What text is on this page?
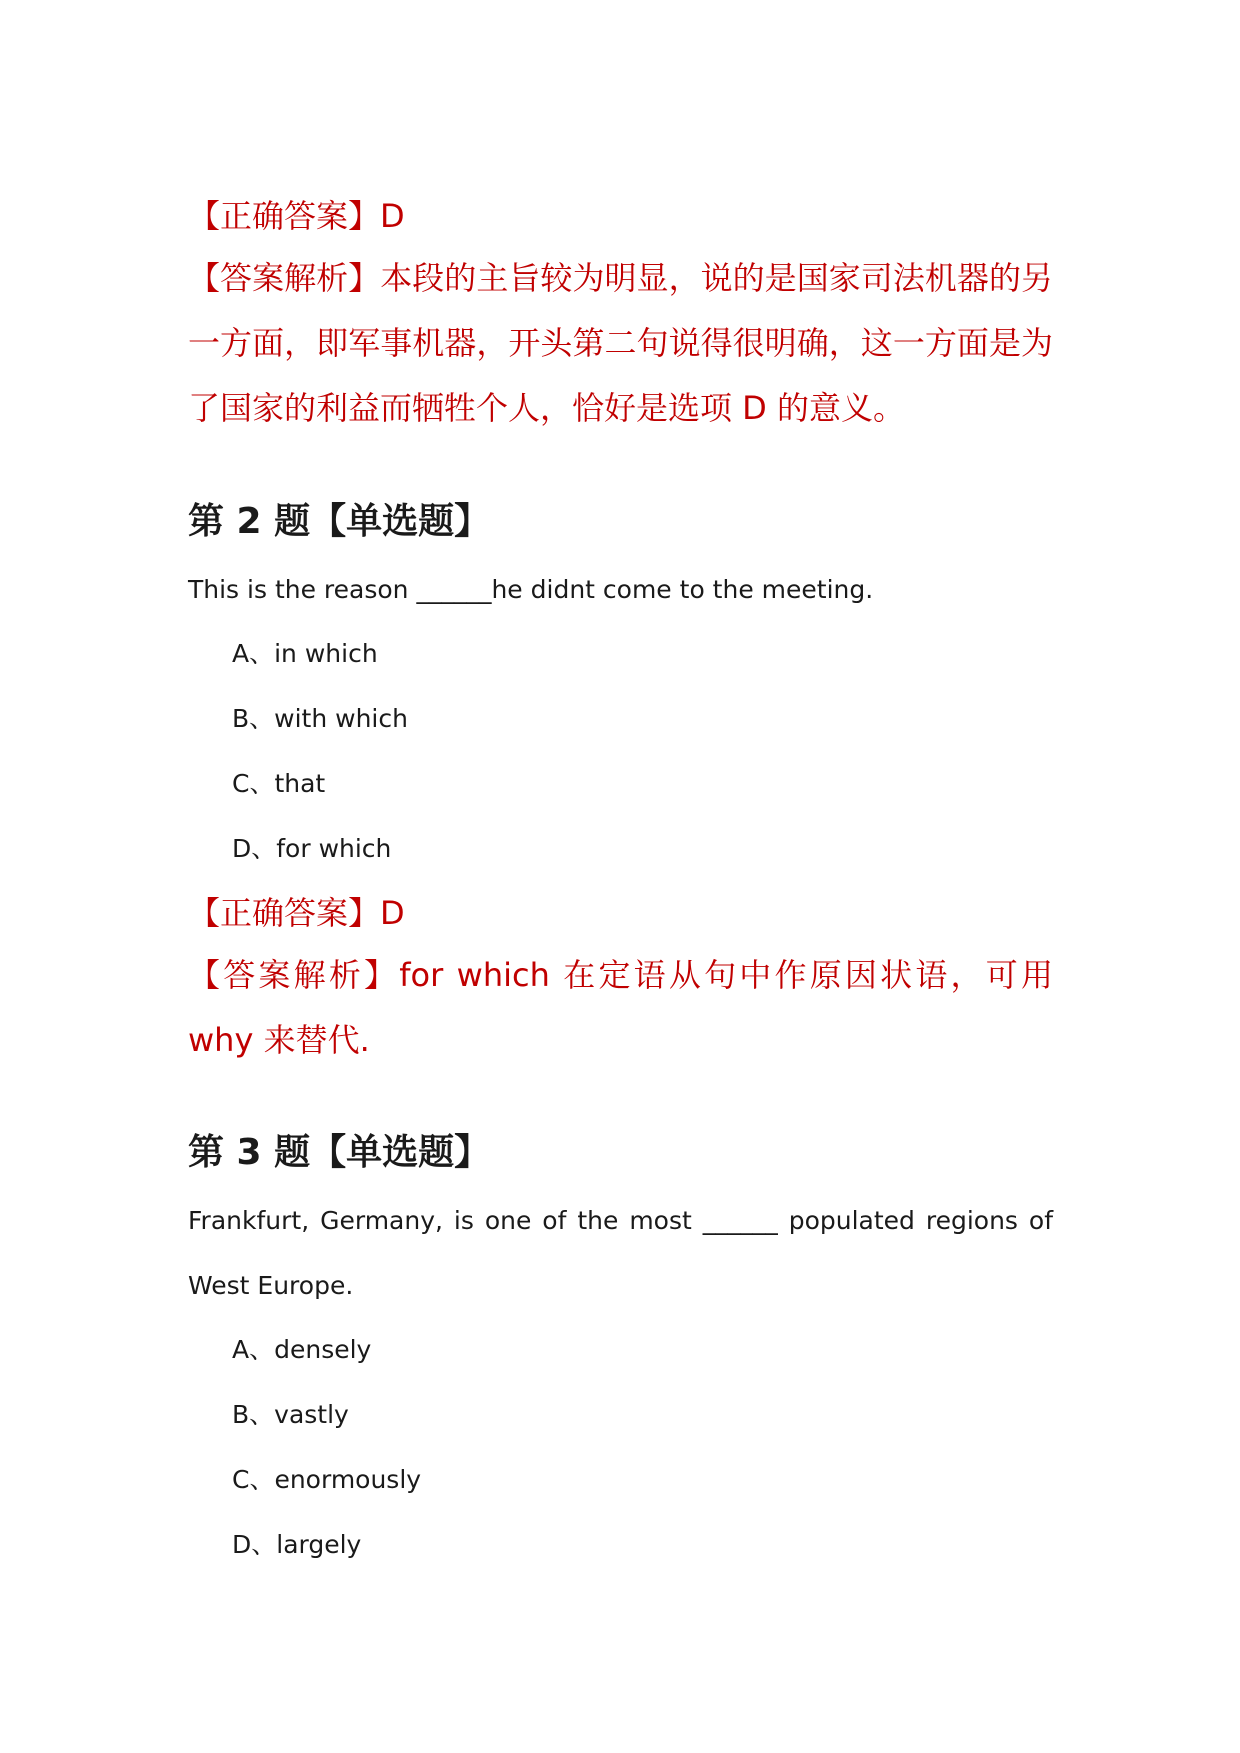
【正确答案】D
【答案解析】本段的主旨较为明显，说的是国家司法机器的另一方面，即军事机器，开头第二句说得很明确，这一方面是为了国家的利益而牺牲个人，恰好是选项 D 的意义。
第 2 题【单选题】
This is the reason ______he didnt come to the meeting.
A、in which
B、with which
C、that
D、for which
【正确答案】D
【答案解析】for which 在定语从句中作原因状语，可用 why 来替代.
第 3 题【单选题】
Frankfurt, Germany, is one of the most ______ populated regions of West Europe.
A、densely
B、vastly
C、enormously
D、largely
